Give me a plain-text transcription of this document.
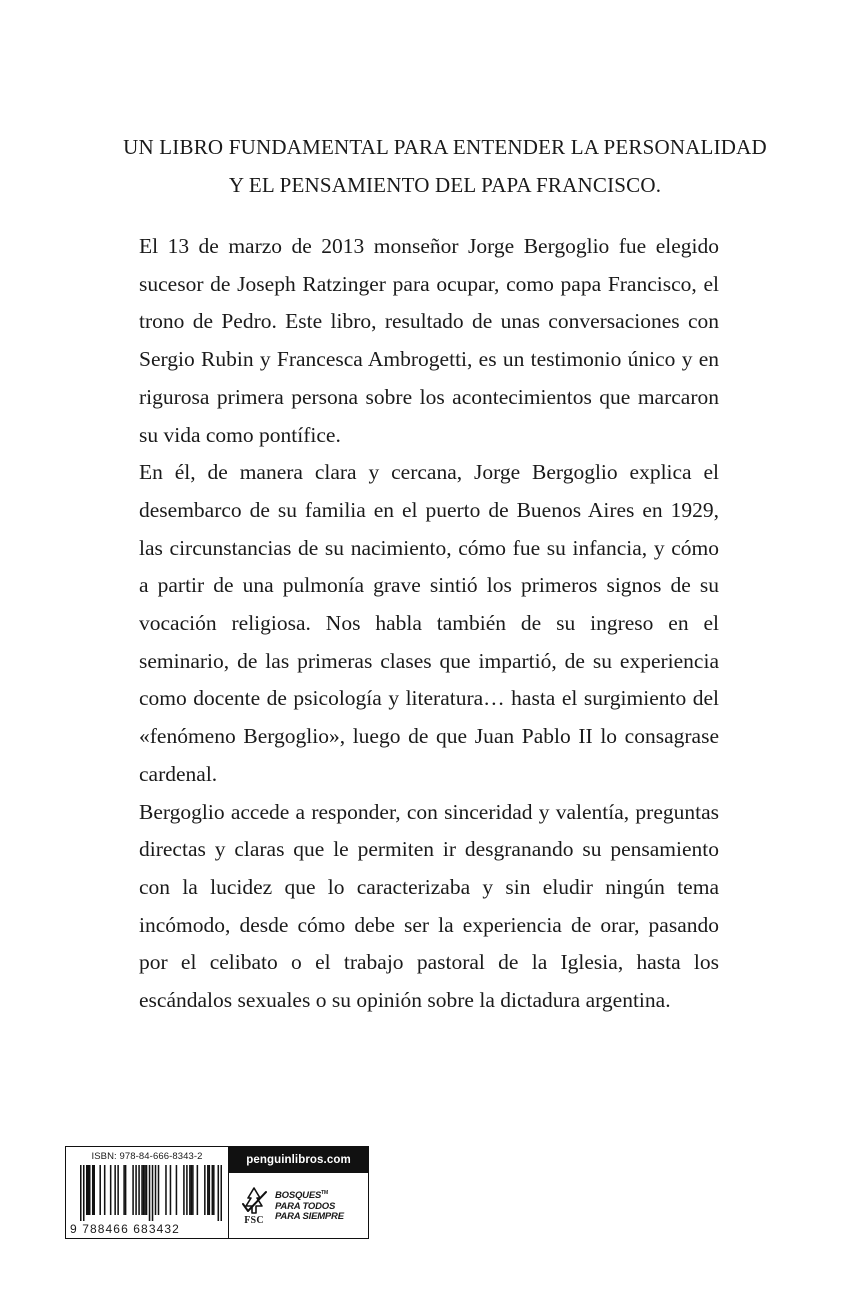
UN LIBRO FUNDAMENTAL PARA ENTENDER LA PERSONALIDAD
Y EL PENSAMIENTO DEL PAPA FRANCISCO.

El 13 de marzo de 2013 monseñor Jorge Bergoglio fue elegido sucesor de Joseph Ratzinger para ocupar, como papa Francisco, el trono de Pedro. Este libro, resultado de unas conversaciones con Sergio Rubin y Francesca Ambrogetti, es un testimonio único y en rigurosa primera persona sobre los acontecimientos que marcaron su vida como pontífice.

En él, de manera clara y cercana, Jorge Bergoglio explica el desembarco de su familia en el puerto de Buenos Aires en 1929, las circunstancias de su nacimiento, cómo fue su infancia, y cómo a partir de una pulmonía grave sintió los primeros signos de su vocación religiosa. Nos habla también de su ingreso en el seminario, de las primeras clases que impartió, de su experiencia como docente de psicología y literatura… hasta el surgimiento del «fenómeno Bergoglio», luego de que Juan Pablo II lo consagrase cardenal.

Bergoglio accede a responder, con sinceridad y valentía, preguntas directas y claras que le permiten ir desgranando su pensamiento con la lucidez que lo caracterizaba y sin eludir ningún tema incómodo, desde cómo debe ser la experiencia de orar, pasando por el celibato o el trabajo pastoral de la Iglesia, hasta los escándalos sexuales o su opinión sobre la dictadura argentina.

ISBN: 978-84-666-8343-2
9 788466 683432
penguinlibros.com
FSC
BOSQUES™
PARA TODOS
PARA SIEMPRE
